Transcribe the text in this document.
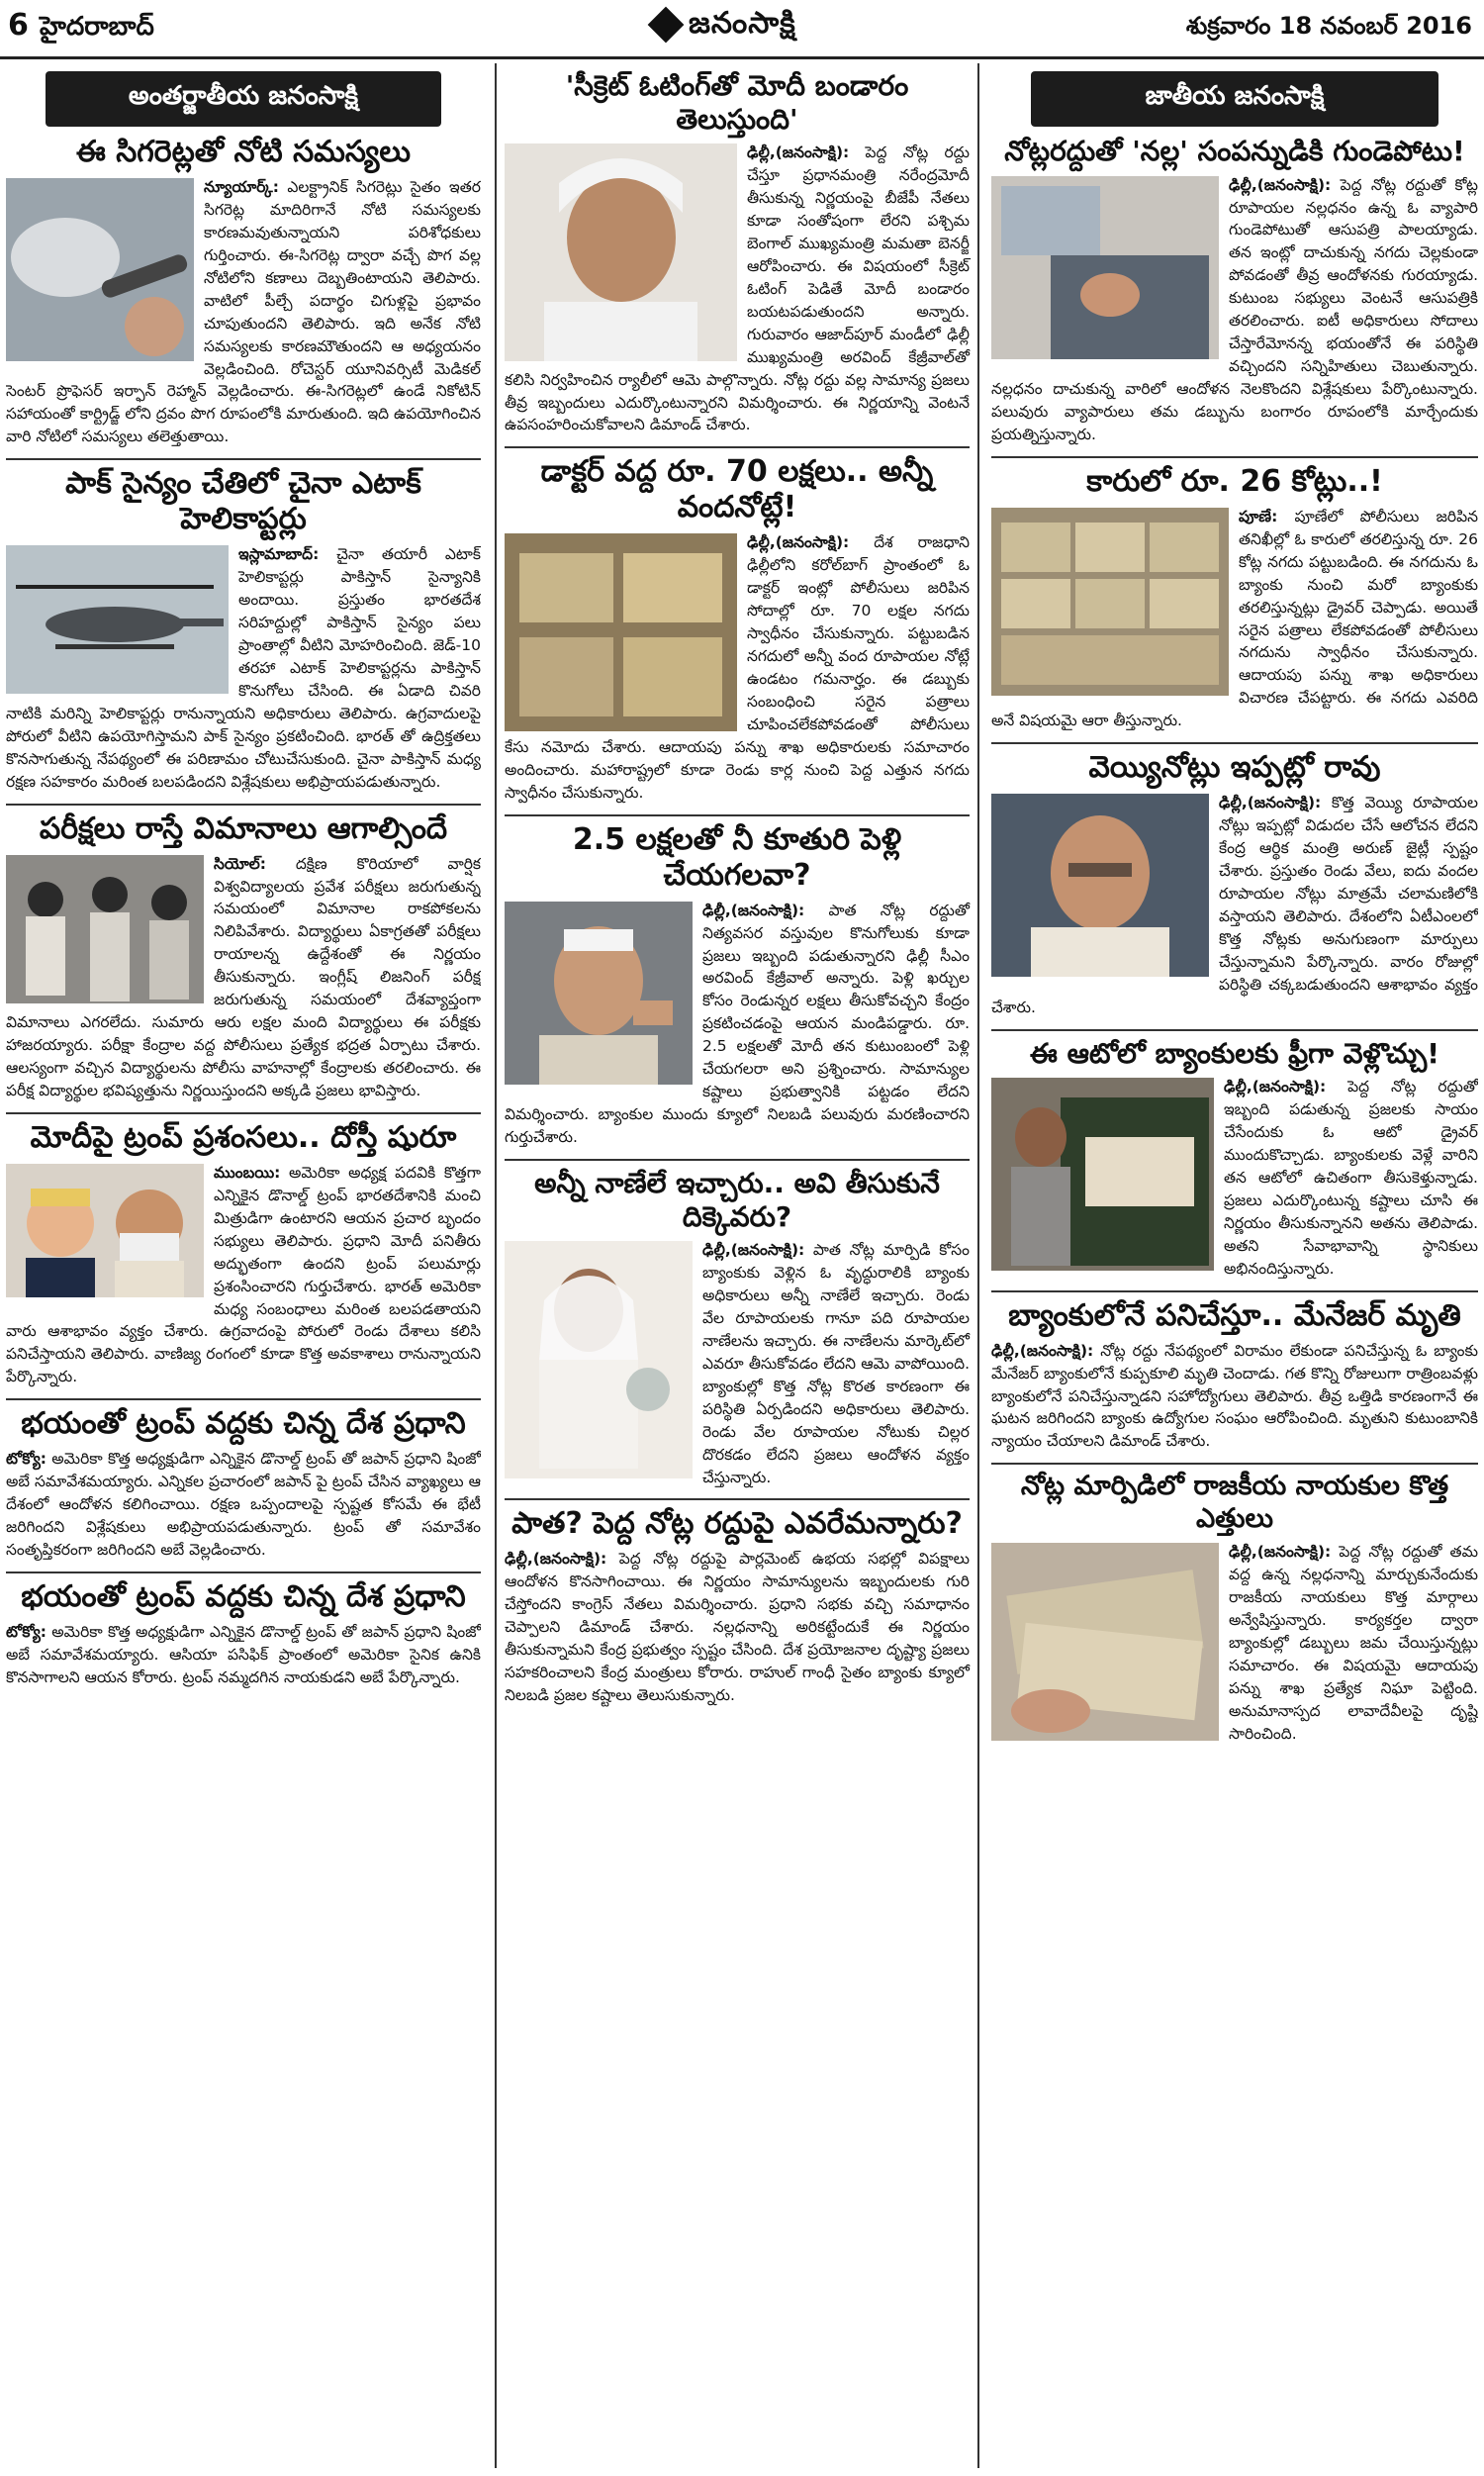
6 హైదరాబాద్	జనంసాక్షి	శుక్రవారం 18 నవంబర్ 2016
అంతర్జాతీయ జనంసాక్షి
ఈ సిగరెట్లతో నోటి సమస్యలు

న్యూయార్క్: ఎలక్ట్రానిక్ సిగరెట్లు సైతం ఇతర సిగరెట్ల మాదిరిగానే నోటి సమస్యలకు కారణమవుతున్నాయని పరిశోధకులు గుర్తించారు. ఈ-సిగరెట్ల ద్వారా వచ్చే పొగ వల్ల నోటిలోని కణాలు దెబ్బతింటాయని తెలిపారు. వాటిలో పీల్చే పదార్థం చిగుళ్లపై ప్రభావం చూపుతుందని తెలిపారు. ఇది అనేక నోటి సమస్యలకు కారణమౌతుందని ఆ అధ్యయనం వెల్లడించింది. రోచెస్టర్ యూనివర్సిటీ మెడికల్ సెంటర్ ప్రొఫెసర్ ఇర్ఫాన్ రెహ్మాన్ వెల్లడించారు. ఈ-సిగరెట్లలో ఉండే నికోటిన్ సహాయంతో కార్ట్రిడ్జ్ లోని ద్రవం పొగ రూపంలోకి మారుతుంది. ఇది ఉపయోగించిన వారి నోటిలో సమస్యలు తలెత్తుతాయి.

పాక్ సైన్యం చేతిలో చైనా ఎటాక్ హెలికాప్టర్లు

ఇస్లామాబాద్: చైనా తయారీ ఎటాక్ హెలికాప్టర్లు పాకిస్తాన్ సైన్యానికి అందాయి. ప్రస్తుతం భారతదేశ సరిహద్దుల్లో పాకిస్తాన్ సైన్యం పలు ప్రాంతాల్లో వీటిని మోహరించింది. జెడ్-10 తరహా ఎటాక్ హెలికాప్టర్లను పాకిస్తాన్ కొనుగోలు చేసింది. ఈ ఏడాది చివరి నాటికి మరిన్ని హెలికాప్టర్లు రానున్నాయని అధికారులు తెలిపారు. ఉగ్రవాదులపై పోరులో వీటిని ఉపయోగిస్తామని పాక్ సైన్యం ప్రకటించింది. భారత్ తో ఉద్రిక్తతలు కొనసాగుతున్న నేపథ్యంలో ఈ పరిణామం చోటుచేసుకుంది. చైనా పాకిస్తాన్ మధ్య రక్షణ సహకారం మరింత బలపడిందని విశ్లేషకులు అభిప్రాయపడుతున్నారు.

పరీక్షలు రాస్తే విమానాలు ఆగాల్సిందే

సియోల్: దక్షిణ కొరియాలో వార్షిక విశ్వవిద్యాలయ ప్రవేశ పరీక్షలు జరుగుతున్న సమయంలో విమానాల రాకపోకలను నిలిపివేశారు. విద్యార్థులు ఏకాగ్రతతో పరీక్షలు రాయాలన్న ఉద్దేశంతో ఈ నిర్ణయం తీసుకున్నారు. ఇంగ్లీష్ లిజనింగ్ పరీక్ష జరుగుతున్న సమయంలో దేశవ్యాప్తంగా విమానాలు ఎగరలేదు. సుమారు ఆరు లక్షల మంది విద్యార్థులు ఈ పరీక్షకు హాజరయ్యారు. పరీక్షా కేంద్రాల వద్ద పోలీసులు ప్రత్యేక భద్రత ఏర్పాటు చేశారు. ఆలస్యంగా వచ్చిన విద్యార్థులను పోలీసు వాహనాల్లో కేంద్రాలకు తరలించారు. ఈ పరీక్ష విద్యార్థుల భవిష్యత్తును నిర్ణయిస్తుందని అక్కడి ప్రజలు భావిస్తారు.

మోదీపై ట్రంప్ ప్రశంసలు.. దోస్తీ షురూ

ముంబయి: అమెరికా అధ్యక్ష పదవికి కొత్తగా ఎన్నికైన డొనాల్డ్ ట్రంప్ భారతదేశానికి మంచి మిత్రుడిగా ఉంటారని ఆయన ప్రచార బృందం సభ్యులు తెలిపారు. ప్రధాని మోదీ పనితీరు అద్భుతంగా ఉందని ట్రంప్ పలుమార్లు ప్రశంసించారని గుర్తుచేశారు. భారత్ అమెరికా మధ్య సంబంధాలు మరింత బలపడతాయని వారు ఆశాభావం వ్యక్తం చేశారు. ఉగ్రవాదంపై పోరులో రెండు దేశాలు కలిసి పనిచేస్తాయని తెలిపారు. వాణిజ్య రంగంలో కూడా కొత్త అవకాశాలు రానున్నాయని పేర్కొన్నారు.

భయంతో ట్రంప్ వద్దకు చిన్న దేశ ప్రధాని

టోక్యో: అమెరికా కొత్త అధ్యక్షుడిగా ఎన్నికైన డొనాల్డ్ ట్రంప్ తో జపాన్ ప్రధాని షింజో అబే సమావేశమయ్యారు. ఎన్నికల ప్రచారంలో జపాన్ పై ట్రంప్ చేసిన వ్యాఖ్యలు ఆ దేశంలో ఆందోళన కలిగించాయి. రక్షణ ఒప్పందాలపై స్పష్టత కోసమే ఈ భేటీ జరిగిందని విశ్లేషకులు అభిప్రాయపడుతున్నారు. ట్రంప్ తో సమావేశం సంతృప్తికరంగా జరిగిందని అబే వెల్లడించారు.

భయంతో ట్రంప్ వద్దకు చిన్న దేశ ప్రధాని

టోక్యో: అమెరికా కొత్త అధ్యక్షుడిగా ఎన్నికైన డొనాల్డ్ ట్రంప్ తో జపాన్ ప్రధాని షింజో అబే సమావేశమయ్యారు. ఆసియా పసిఫిక్ ప్రాంతంలో అమెరికా సైనిక ఉనికి కొనసాగాలని ఆయన కోరారు. ట్రంప్ నమ్మదగిన నాయకుడని అబే పేర్కొన్నారు.

'సీక్రెట్ ఓటింగ్‌తో మోదీ బండారం తెలుస్తుంది'

ఢిల్లీ,(జనంసాక్షి): పెద్ద నోట్ల రద్దు చేస్తూ ప్రధానమంత్రి నరేంద్రమోదీ తీసుకున్న నిర్ణయంపై బీజేపీ నేతలు కూడా సంతోషంగా లేరని పశ్చిమ బెంగాల్ ముఖ్యమంత్రి మమతా బెనర్జీ ఆరోపించారు. ఈ విషయంలో సీక్రెట్ ఓటింగ్ పెడితే మోదీ బండారం బయటపడుతుందని అన్నారు. గురువారం ఆజాద్‌పూర్ మండీలో ఢిల్లీ ముఖ్యమంత్రి అరవింద్ కేజ్రీవాల్‌తో కలిసి నిర్వహించిన ర్యాలీలో ఆమె పాల్గొన్నారు. నోట్ల రద్దు వల్ల సామాన్య ప్రజలు తీవ్ర ఇబ్బందులు ఎదుర్కొంటున్నారని విమర్శించారు. ఈ నిర్ణయాన్ని వెంటనే ఉపసంహరించుకోవాలని డిమాండ్ చేశారు.

డాక్టర్ వద్ద రూ. 70 లక్షలు.. అన్నీ వందనోట్లే!

ఢిల్లీ,(జనంసాక్షి): దేశ రాజధాని ఢిల్లీలోని కరోల్‌బాగ్ ప్రాంతంలో ఓ డాక్టర్ ఇంట్లో పోలీసులు జరిపిన సోదాల్లో రూ. 70 లక్షల నగదు స్వాధీనం చేసుకున్నారు. పట్టుబడిన నగదులో అన్నీ వంద రూపాయల నోట్లే ఉండటం గమనార్హం. ఈ డబ్బుకు సంబంధించి సరైన పత్రాలు చూపించలేకపోవడంతో పోలీసులు కేసు నమోదు చేశారు. ఆదాయపు పన్ను శాఖ అధికారులకు సమాచారం అందించారు. మహారాష్ట్రలో కూడా రెండు కార్ల నుంచి పెద్ద ఎత్తున నగదు స్వాధీనం చేసుకున్నారు.

2.5 లక్షలతో నీ కూతురి పెళ్లి చేయగలవా?

ఢిల్లీ,(జనంసాక్షి): పాత నోట్ల రద్దుతో నిత్యవసర వస్తువుల కొనుగోలుకు కూడా ప్రజలు ఇబ్బంది పడుతున్నారని ఢిల్లీ సీఎం అరవింద్ కేజ్రీవాల్ అన్నారు. పెళ్లి ఖర్చుల కోసం రెండున్నర లక్షలు తీసుకోవచ్చని కేంద్రం ప్రకటించడంపై ఆయన మండిపడ్డారు. రూ. 2.5 లక్షలతో మోదీ తన కుటుంబంలో పెళ్లి చేయగలరా అని ప్రశ్నించారు. సామాన్యుల కష్టాలు ప్రభుత్వానికి పట్టడం లేదని విమర్శించారు. బ్యాంకుల ముందు క్యూలో నిలబడి పలువురు మరణించారని గుర్తుచేశారు.

అన్నీ నాణేలే ఇచ్చారు.. అవి తీసుకునే దిక్కెవరు?

ఢిల్లీ,(జనంసాక్షి): పాత నోట్ల మార్పిడి కోసం బ్యాంకుకు వెళ్లిన ఓ వృద్ధురాలికి బ్యాంకు అధికారులు అన్నీ నాణేలే ఇచ్చారు. రెండు వేల రూపాయలకు గానూ పది రూపాయల నాణేలను ఇచ్చారు. ఈ నాణేలను మార్కెట్‌లో ఎవరూ తీసుకోవడం లేదని ఆమె వాపోయింది. బ్యాంకుల్లో కొత్త నోట్ల కొరత కారణంగా ఈ పరిస్థితి ఏర్పడిందని అధికారులు తెలిపారు. రెండు వేల రూపాయల నోటుకు చిల్లర దొరకడం లేదని ప్రజలు ఆందోళన వ్యక్తం చేస్తున్నారు.

పాత? పెద్ద నోట్ల రద్దుపై ఎవరేమన్నారు?

ఢిల్లీ,(జనంసాక్షి): పెద్ద నోట్ల రద్దుపై పార్లమెంట్ ఉభయ సభల్లో విపక్షాలు ఆందోళన కొనసాగించాయి. ఈ నిర్ణయం సామాన్యులను ఇబ్బందులకు గురి చేస్తోందని కాంగ్రెస్ నేతలు విమర్శించారు. ప్రధాని సభకు వచ్చి సమాధానం చెప్పాలని డిమాండ్ చేశారు. నల్లధనాన్ని అరికట్టేందుకే ఈ నిర్ణయం తీసుకున్నామని కేంద్ర ప్రభుత్వం స్పష్టం చేసింది. దేశ ప్రయోజనాల దృష్ట్యా ప్రజలు సహకరించాలని కేంద్ర మంత్రులు కోరారు. రాహుల్ గాంధీ సైతం బ్యాంకు క్యూలో నిలబడి ప్రజల కష్టాలు తెలుసుకున్నారు.

జాతీయ జనంసాక్షి
నోట్లరద్దుతో 'నల్ల' సంపన్నుడికి గుండెపోటు!

ఢిల్లీ,(జనంసాక్షి): పెద్ద నోట్ల రద్దుతో కోట్ల రూపాయల నల్లధనం ఉన్న ఓ వ్యాపారి గుండెపోటుతో ఆసుపత్రి పాలయ్యాడు. తన ఇంట్లో దాచుకున్న నగదు చెల్లకుండా పోవడంతో తీవ్ర ఆందోళనకు గురయ్యాడు. కుటుంబ సభ్యులు వెంటనే ఆసుపత్రికి తరలించారు. ఐటీ అధికారులు సోదాలు చేస్తారేమోనన్న భయంతోనే ఈ పరిస్థితి వచ్చిందని సన్నిహితులు చెబుతున్నారు. నల్లధనం దాచుకున్న వారిలో ఆందోళన నెలకొందని విశ్లేషకులు పేర్కొంటున్నారు. పలువురు వ్యాపారులు తమ డబ్బును బంగారం రూపంలోకి మార్చేందుకు ప్రయత్నిస్తున్నారు.

కారులో రూ. 26 కోట్లు..!

పూణే: పూణేలో పోలీసులు జరిపిన తనిఖీల్లో ఓ కారులో తరలిస్తున్న రూ. 26 కోట్ల నగదు పట్టుబడింది. ఈ నగదును ఓ బ్యాంకు నుంచి మరో బ్యాంకుకు తరలిస్తున్నట్లు డ్రైవర్ చెప్పాడు. అయితే సరైన పత్రాలు లేకపోవడంతో పోలీసులు నగదును స్వాధీనం చేసుకున్నారు. ఆదాయపు పన్ను శాఖ అధికారులు విచారణ చేపట్టారు. ఈ నగదు ఎవరిది అనే విషయమై ఆరా తీస్తున్నారు.

వెయ్యినోట్లు ఇప్పట్లో రావు

ఢిల్లీ,(జనంసాక్షి): కొత్త వెయ్యి రూపాయల నోట్లు ఇప్పట్లో విడుదల చేసే ఆలోచన లేదని కేంద్ర ఆర్థిక మంత్రి అరుణ్ జైట్లీ స్పష్టం చేశారు. ప్రస్తుతం రెండు వేలు, ఐదు వందల రూపాయల నోట్లు మాత్రమే చలామణిలోకి వస్తాయని తెలిపారు. దేశంలోని ఏటీఎంలలో కొత్త నోట్లకు అనుగుణంగా మార్పులు చేస్తున్నామని పేర్కొన్నారు. వారం రోజుల్లో పరిస్థితి చక్కబడుతుందని ఆశాభావం వ్యక్తం చేశారు.

ఈ ఆటోలో బ్యాంకులకు ఫ్రీగా వెళ్లొచ్చు!

ఢిల్లీ,(జనంసాక్షి): పెద్ద నోట్ల రద్దుతో ఇబ్బంది పడుతున్న ప్రజలకు సాయం చేసేందుకు ఓ ఆటో డ్రైవర్ ముందుకొచ్చాడు. బ్యాంకులకు వెళ్లే వారిని తన ఆటోలో ఉచితంగా తీసుకెళ్తున్నాడు. ప్రజలు ఎదుర్కొంటున్న కష్టాలు చూసి ఈ నిర్ణయం తీసుకున్నానని అతను తెలిపాడు. అతని సేవాభావాన్ని స్థానికులు అభినందిస్తున్నారు.

బ్యాంకులోనే పనిచేస్తూ.. మేనేజర్ మృతి

ఢిల్లీ,(జనంసాక్షి): నోట్ల రద్దు నేపథ్యంలో విరామం లేకుండా పనిచేస్తున్న ఓ బ్యాంకు మేనేజర్ బ్యాంకులోనే కుప్పకూలి మృతి చెందాడు. గత కొన్ని రోజులుగా రాత్రింబవళ్లు బ్యాంకులోనే పనిచేస్తున్నాడని సహోద్యోగులు తెలిపారు. తీవ్ర ఒత్తిడి కారణంగానే ఈ ఘటన జరిగిందని బ్యాంకు ఉద్యోగుల సంఘం ఆరోపించింది. మృతుని కుటుంబానికి న్యాయం చేయాలని డిమాండ్ చేశారు.

నోట్ల మార్పిడిలో రాజకీయ నాయకుల కొత్త ఎత్తులు

ఢిల్లీ,(జనంసాక్షి): పెద్ద నోట్ల రద్దుతో తమ వద్ద ఉన్న నల్లధనాన్ని మార్చుకునేందుకు రాజకీయ నాయకులు కొత్త మార్గాలు అన్వేషిస్తున్నారు. కార్యకర్తల ద్వారా బ్యాంకుల్లో డబ్బులు జమ చేయిస్తున్నట్లు సమాచారం. ఈ విషయమై ఆదాయపు పన్ను శాఖ ప్రత్యేక నిఘా పెట్టింది. అనుమానాస్పద లావాదేవీలపై దృష్టి సారించింది.
